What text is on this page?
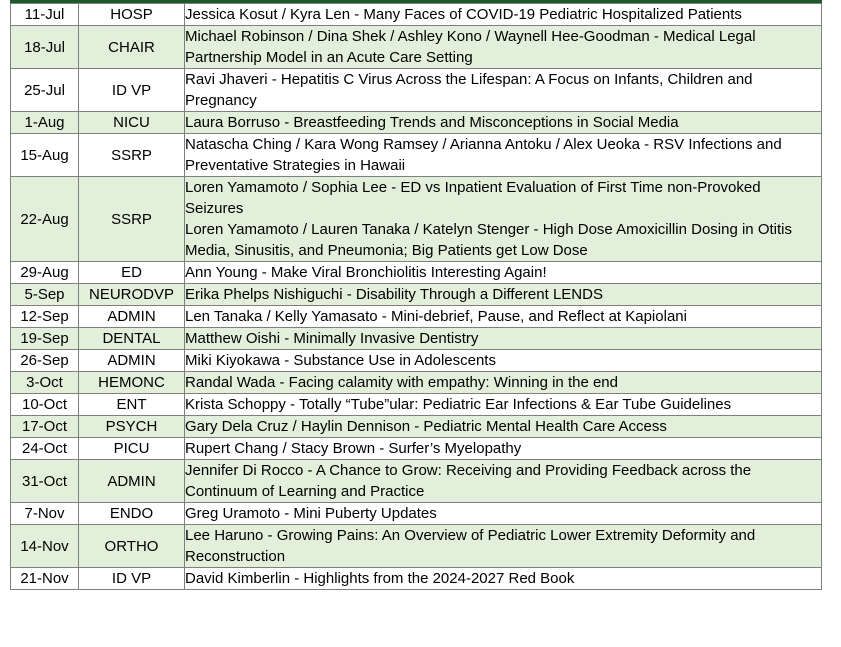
11-Jul	HOSP	Jessica Kosut / Kyra Len - Many Faces of COVID-19 Pediatric Hospitalized Patients

18-Jul	CHAIR	Michael Robinson / Dina Shek / Ashley Kono / Waynell Hee-Goodman - Medical Legal Partnership Model in an Acute Care Setting

25-Jul	ID VP	Ravi Jhaveri - Hepatitis C Virus Across the Lifespan: A Focus on Infants, Children and Pregnancy

1-Aug	NICU	Laura Borruso - Breastfeeding Trends and Misconceptions in Social Media

15-Aug	SSRP	Natascha Ching / Kara Wong Ramsey / Arianna Antoku / Alex Ueoka - RSV Infections and Preventative Strategies in Hawaii

22-Aug	SSRP	Loren Yamamoto / Sophia Lee - ED vs Inpatient Evaluation of First Time non-Provoked Seizures
Loren Yamamoto / Lauren Tanaka / Katelyn Stenger - High Dose Amoxicillin Dosing in Otitis Media, Sinusitis, and Pneumonia; Big Patients get Low Dose

29-Aug	ED	Ann Young - Make Viral Bronchiolitis Interesting Again!

5-Sep	NEURODVP	Erika Phelps Nishiguchi - Disability Through a Different LENDS

12-Sep	ADMIN	Len Tanaka / Kelly Yamasato - Mini-debrief, Pause, and Reflect at Kapiolani

19-Sep	DENTAL	Matthew Oishi - Minimally Invasive Dentistry

26-Sep	ADMIN	Miki Kiyokawa - Substance Use in Adolescents

3-Oct	HEMONC	Randal Wada - Facing calamity with empathy: Winning in the end

10-Oct	ENT	Krista Schoppy - Totally “Tube”ular: Pediatric Ear Infections & Ear Tube Guidelines

17-Oct	PSYCH	Gary Dela Cruz / Haylin Dennison - Pediatric Mental Health Care Access

24-Oct	PICU	Rupert Chang / Stacy Brown - Surfer’s Myelopathy

31-Oct	ADMIN	Jennifer Di Rocco - A Chance to Grow: Receiving and Providing Feedback across the Continuum of Learning and Practice

7-Nov	ENDO	Greg Uramoto - Mini Puberty Updates

14-Nov	ORTHO	Lee Haruno - Growing Pains: An Overview of Pediatric Lower Extremity Deformity and Reconstruction

21-Nov	ID VP	David Kimberlin - Highlights from the 2024-2027 Red Book
